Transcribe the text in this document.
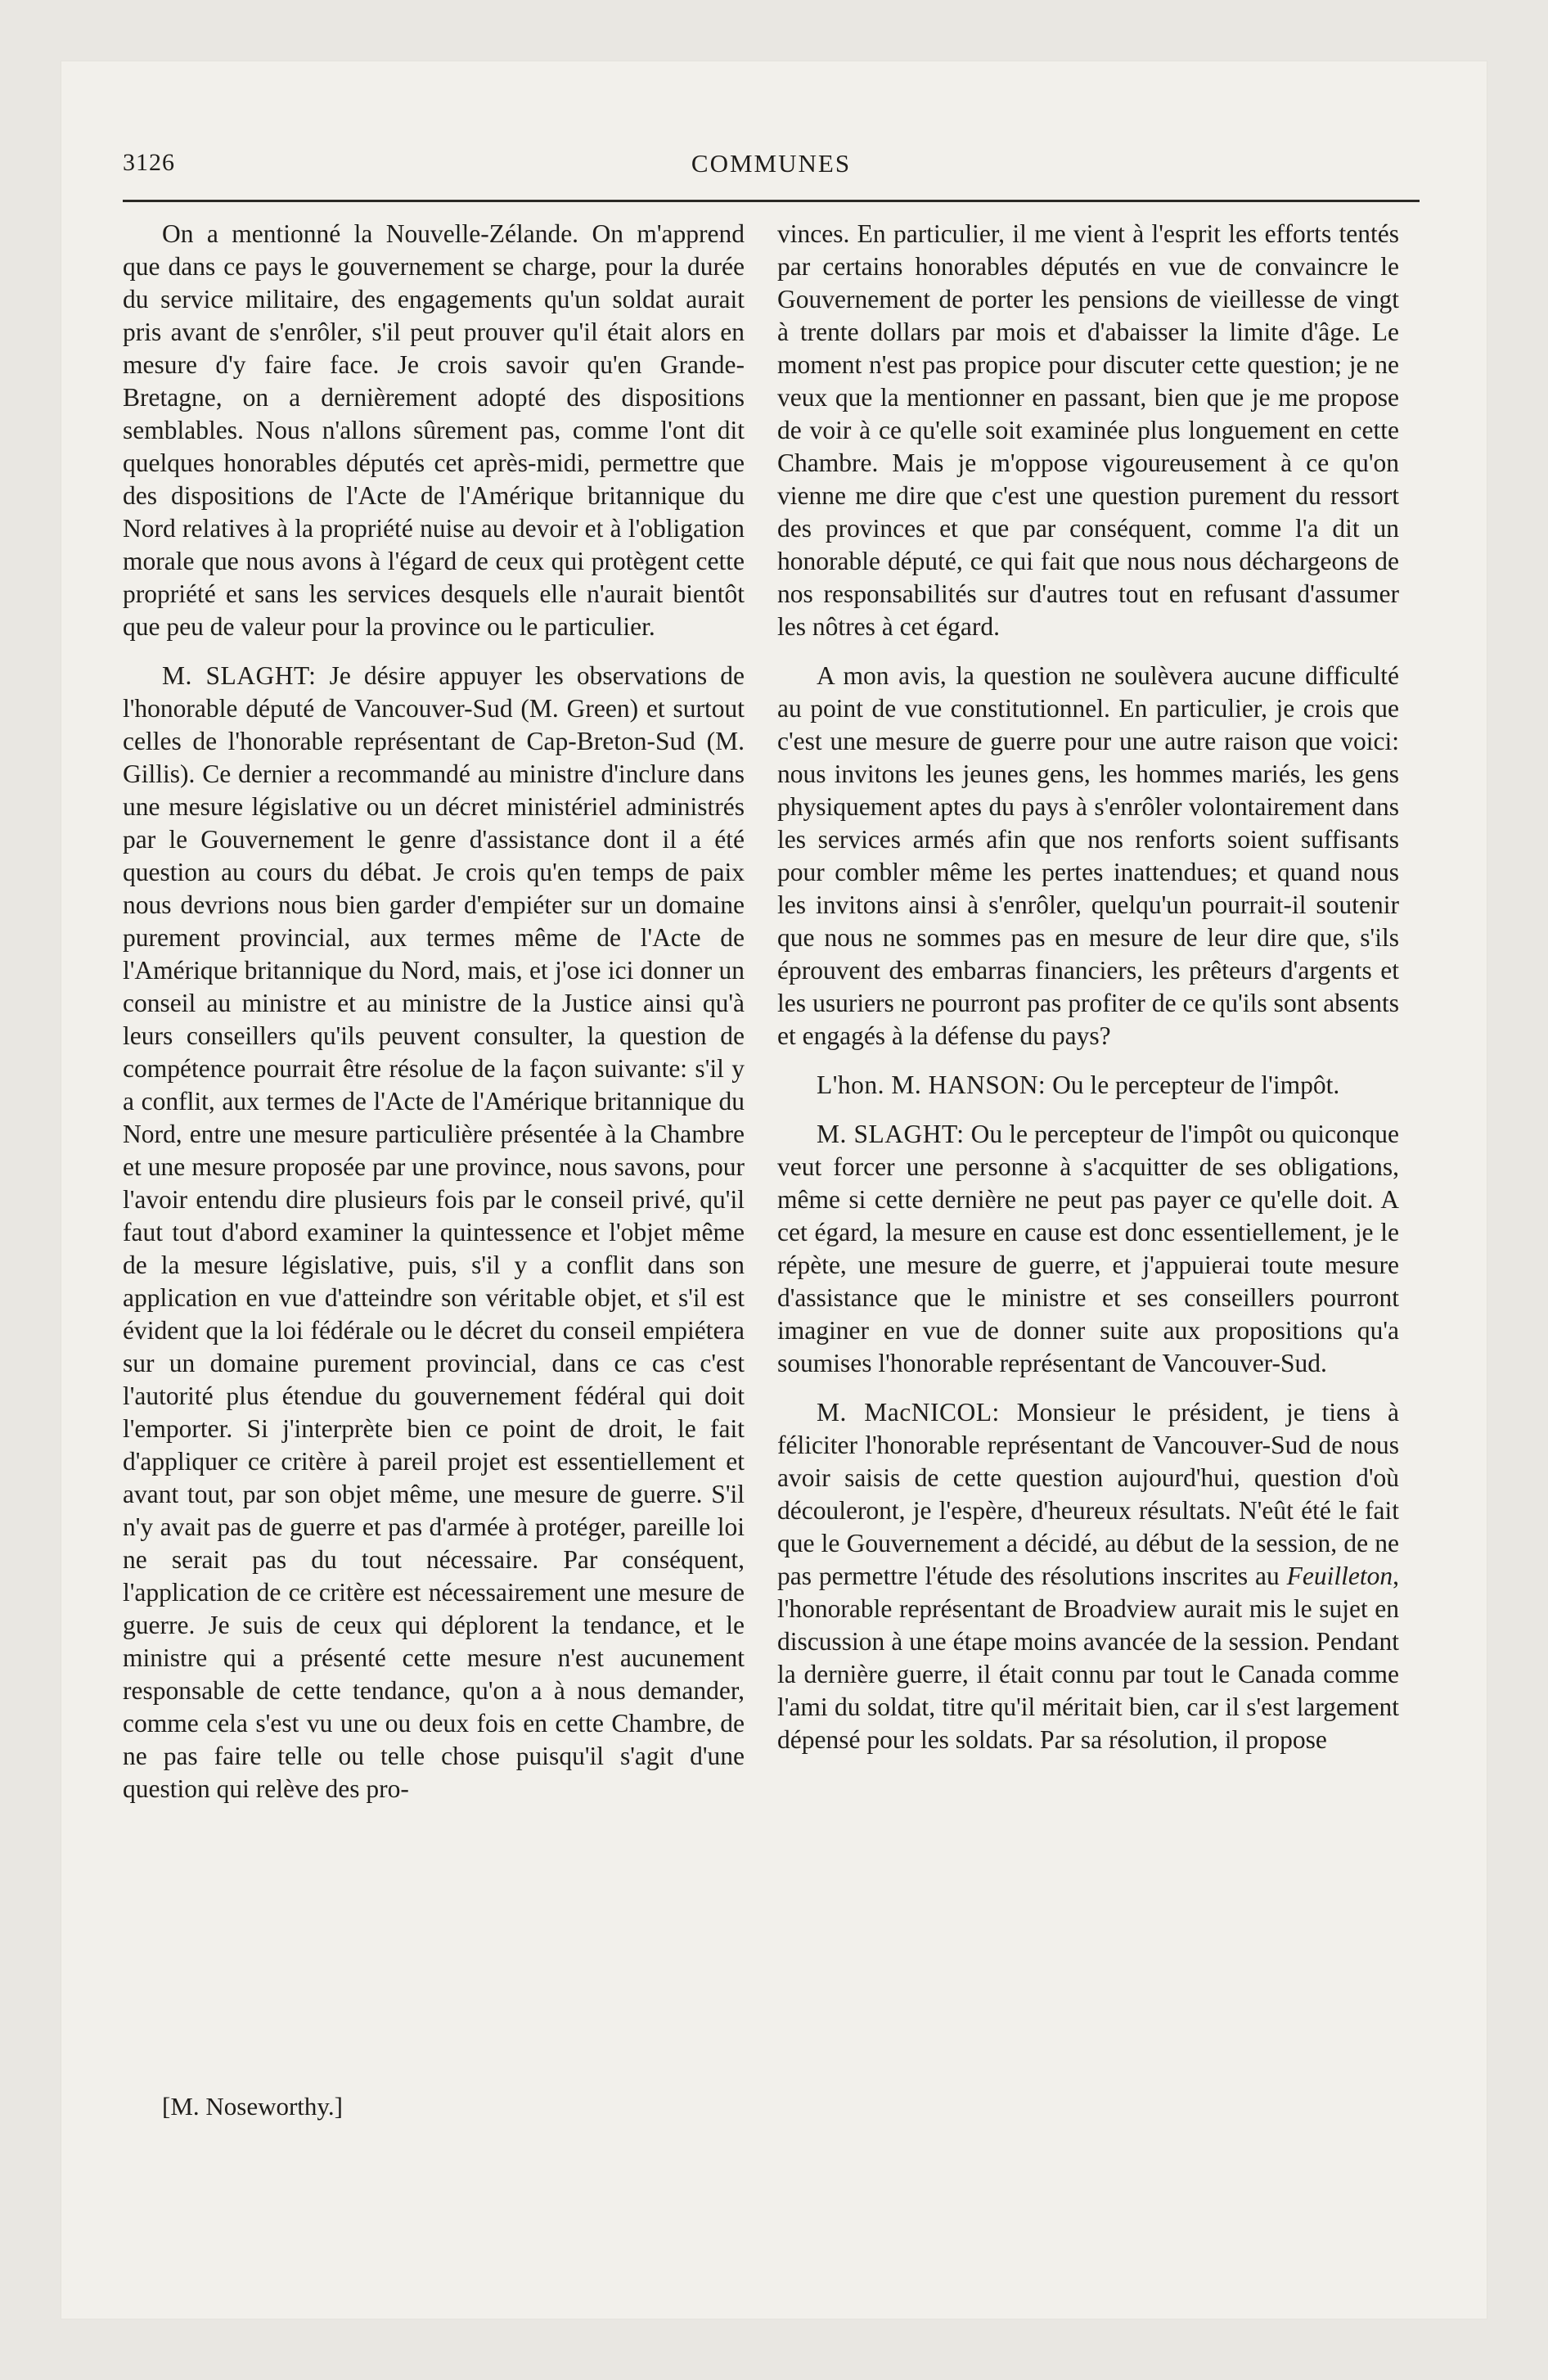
3126	COMMUNES

On a mentionné la Nouvelle-Zélande. On m'apprend que dans ce pays le gouvernement se charge, pour la durée du service militaire, des engagements qu'un soldat aurait pris avant de s'enrôler, s'il peut prouver qu'il était alors en mesure d'y faire face. Je crois savoir qu'en Grande-Bretagne, on a dernièrement adopté des dispositions semblables. Nous n'allons sûrement pas, comme l'ont dit quelques honorables députés cet après-midi, permettre que des dispositions de l'Acte de l'Amérique britannique du Nord relatives à la propriété nuise au devoir et à l'obligation morale que nous avons à l'égard de ceux qui protègent cette propriété et sans les services desquels elle n'aurait bientôt que peu de valeur pour la province ou le particulier.

M. SLAGHT: Je désire appuyer les observations de l'honorable député de Vancouver-Sud (M. Green) et surtout celles de l'honorable représentant de Cap-Breton-Sud (M. Gillis). Ce dernier a recommandé au ministre d'inclure dans une mesure législative ou un décret ministériel administrés par le Gouvernement le genre d'assistance dont il a été question au cours du débat. Je crois qu'en temps de paix nous devrions nous bien garder d'empiéter sur un domaine purement provincial, aux termes même de l'Acte de l'Amérique britannique du Nord, mais, et j'ose ici donner un conseil au ministre et au ministre de la Justice ainsi qu'à leurs conseillers qu'ils peuvent consulter, la question de compétence pourrait être résolue de la façon suivante: s'il y a conflit, aux termes de l'Acte de l'Amérique britannique du Nord, entre une mesure particulière présentée à la Chambre et une mesure proposée par une province, nous savons, pour l'avoir entendu dire plusieurs fois par le conseil privé, qu'il faut tout d'abord examiner la quintessence et l'objet même de la mesure législative, puis, s'il y a conflit dans son application en vue d'atteindre son véritable objet, et s'il est évident que la loi fédérale ou le décret du conseil empiétera sur un domaine purement provincial, dans ce cas c'est l'autorité plus étendue du gouvernement fédéral qui doit l'emporter. Si j'interprète bien ce point de droit, le fait d'appliquer ce critère à pareil projet est essentiellement et avant tout, par son objet même, une mesure de guerre. S'il n'y avait pas de guerre et pas d'armée à protéger, pareille loi ne serait pas du tout nécessaire. Par conséquent, l'application de ce critère est nécessairement une mesure de guerre. Je suis de ceux qui déplorent la tendance, et le ministre qui a présenté cette mesure n'est aucunement responsable de cette tendance, qu'on a à nous demander, comme cela s'est vu une ou deux fois en cette Chambre, de ne pas faire telle ou telle chose puisqu'il s'agit d'une question qui relève des pro-

[M. Noseworthy.]

vinces. En particulier, il me vient à l'esprit les efforts tentés par certains honorables députés en vue de convaincre le Gouvernement de porter les pensions de vieillesse de vingt à trente dollars par mois et d'abaisser la limite d'âge. Le moment n'est pas propice pour discuter cette question; je ne veux que la mentionner en passant, bien que je me propose de voir à ce qu'elle soit examinée plus longuement en cette Chambre. Mais je m'oppose vigoureusement à ce qu'on vienne me dire que c'est une question purement du ressort des provinces et que par conséquent, comme l'a dit un honorable député, ce qui fait que nous nous déchargeons de nos responsabilités sur d'autres tout en refusant d'assumer les nôtres à cet égard.

A mon avis, la question ne soulèvera aucune difficulté au point de vue constitutionnel. En particulier, je crois que c'est une mesure de guerre pour une autre raison que voici: nous invitons les jeunes gens, les hommes mariés, les gens physiquement aptes du pays à s'enrôler volontairement dans les services armés afin que nos renforts soient suffisants pour combler même les pertes inattendues; et quand nous les invitons ainsi à s'enrôler, quelqu'un pourrait-il soutenir que nous ne sommes pas en mesure de leur dire que, s'ils éprouvent des embarras financiers, les prêteurs d'argents et les usuriers ne pourront pas profiter de ce qu'ils sont absents et engagés à la défense du pays?

L'hon. M. HANSON: Ou le percepteur de l'impôt.

M. SLAGHT: Ou le percepteur de l'impôt ou quiconque veut forcer une personne à s'acquitter de ses obligations, même si cette dernière ne peut pas payer ce qu'elle doit. A cet égard, la mesure en cause est donc essentiellement, je le répète, une mesure de guerre, et j'appuierai toute mesure d'assistance que le ministre et ses conseillers pourront imaginer en vue de donner suite aux propositions qu'a soumises l'honorable représentant de Vancouver-Sud.

M. MacNICOL: Monsieur le président, je tiens à féliciter l'honorable représentant de Vancouver-Sud de nous avoir saisis de cette question aujourd'hui, question d'où découleront, je l'espère, d'heureux résultats. N'eût été le fait que le Gouvernement a décidé, au début de la session, de ne pas permettre l'étude des résolutions inscrites au Feuilleton, l'honorable représentant de Broadview aurait mis le sujet en discussion à une étape moins avancée de la session. Pendant la dernière guerre, il était connu par tout le Canada comme l'ami du soldat, titre qu'il méritait bien, car il s'est largement dépensé pour les soldats. Par sa résolution, il propose
